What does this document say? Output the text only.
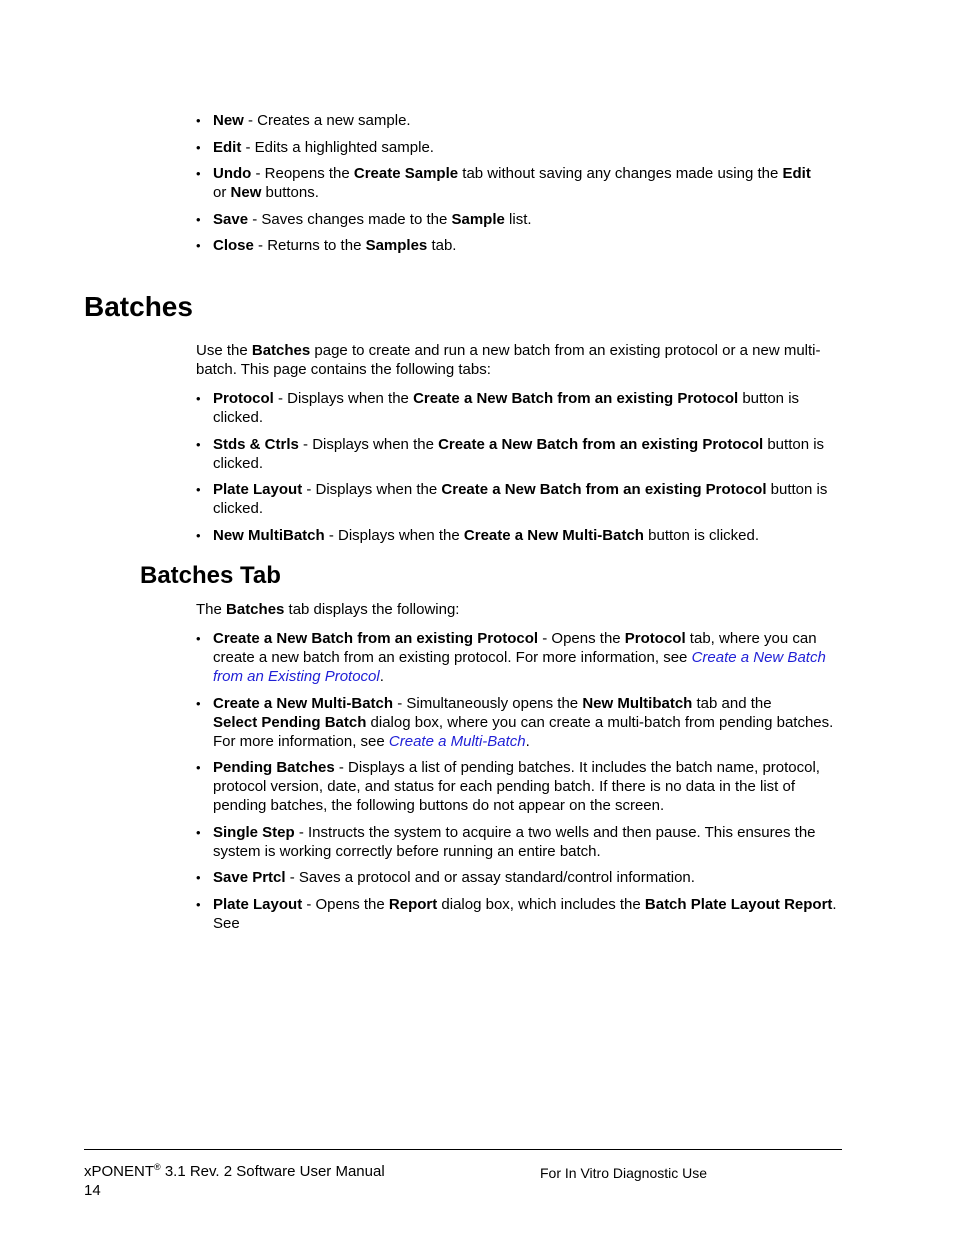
• New - Creates a new sample.
• Edit - Edits a highlighted sample.
• Undo - Reopens the Create Sample tab without saving any changes made using the Edit
or New buttons.
• Save - Saves changes made to the Sample list.
• Close - Returns to the Samples tab.
Batches

Use the Batches page to create and run a new batch from an existing protocol or a new multi-batch. This page contains the following tabs:

• Protocol - Displays when the Create a New Batch from an existing Protocol button is clicked.
• Stds & Ctrls - Displays when the Create a New Batch from an existing Protocol button is clicked.
• Plate Layout - Displays when the Create a New Batch from an existing Protocol button is clicked.
• New MultiBatch - Displays when the Create a New Multi-Batch button is clicked.
Batches Tab

The Batches tab displays the following:

• Create a New Batch from an existing Protocol - Opens the Protocol tab, where you can create a new batch from an existing protocol. For more information, see Create a New Batch from an Existing Protocol.
• Create a New Multi-Batch - Simultaneously opens the New Multibatch tab and the
Select Pending Batch dialog box, where you can create a multi-batch from pending batches. For more information, see Create a Multi-Batch.
• Pending Batches - Displays a list of pending batches. It includes the batch name, protocol, protocol version, date, and status for each pending batch. If there is no data in the list of pending batches, the following buttons do not appear on the screen.
• Single Step - Instructs the system to acquire a two wells and then pause. This ensures the system is working correctly before running an entire batch.
• Save Prtcl - Saves a protocol and or assay standard/control information.
• Plate Layout - Opens the Report dialog box, which includes the Batch Plate Layout Report. See
xPONENT® 3.1 Rev. 2 Software User Manual
14
For In Vitro Diagnostic Use
